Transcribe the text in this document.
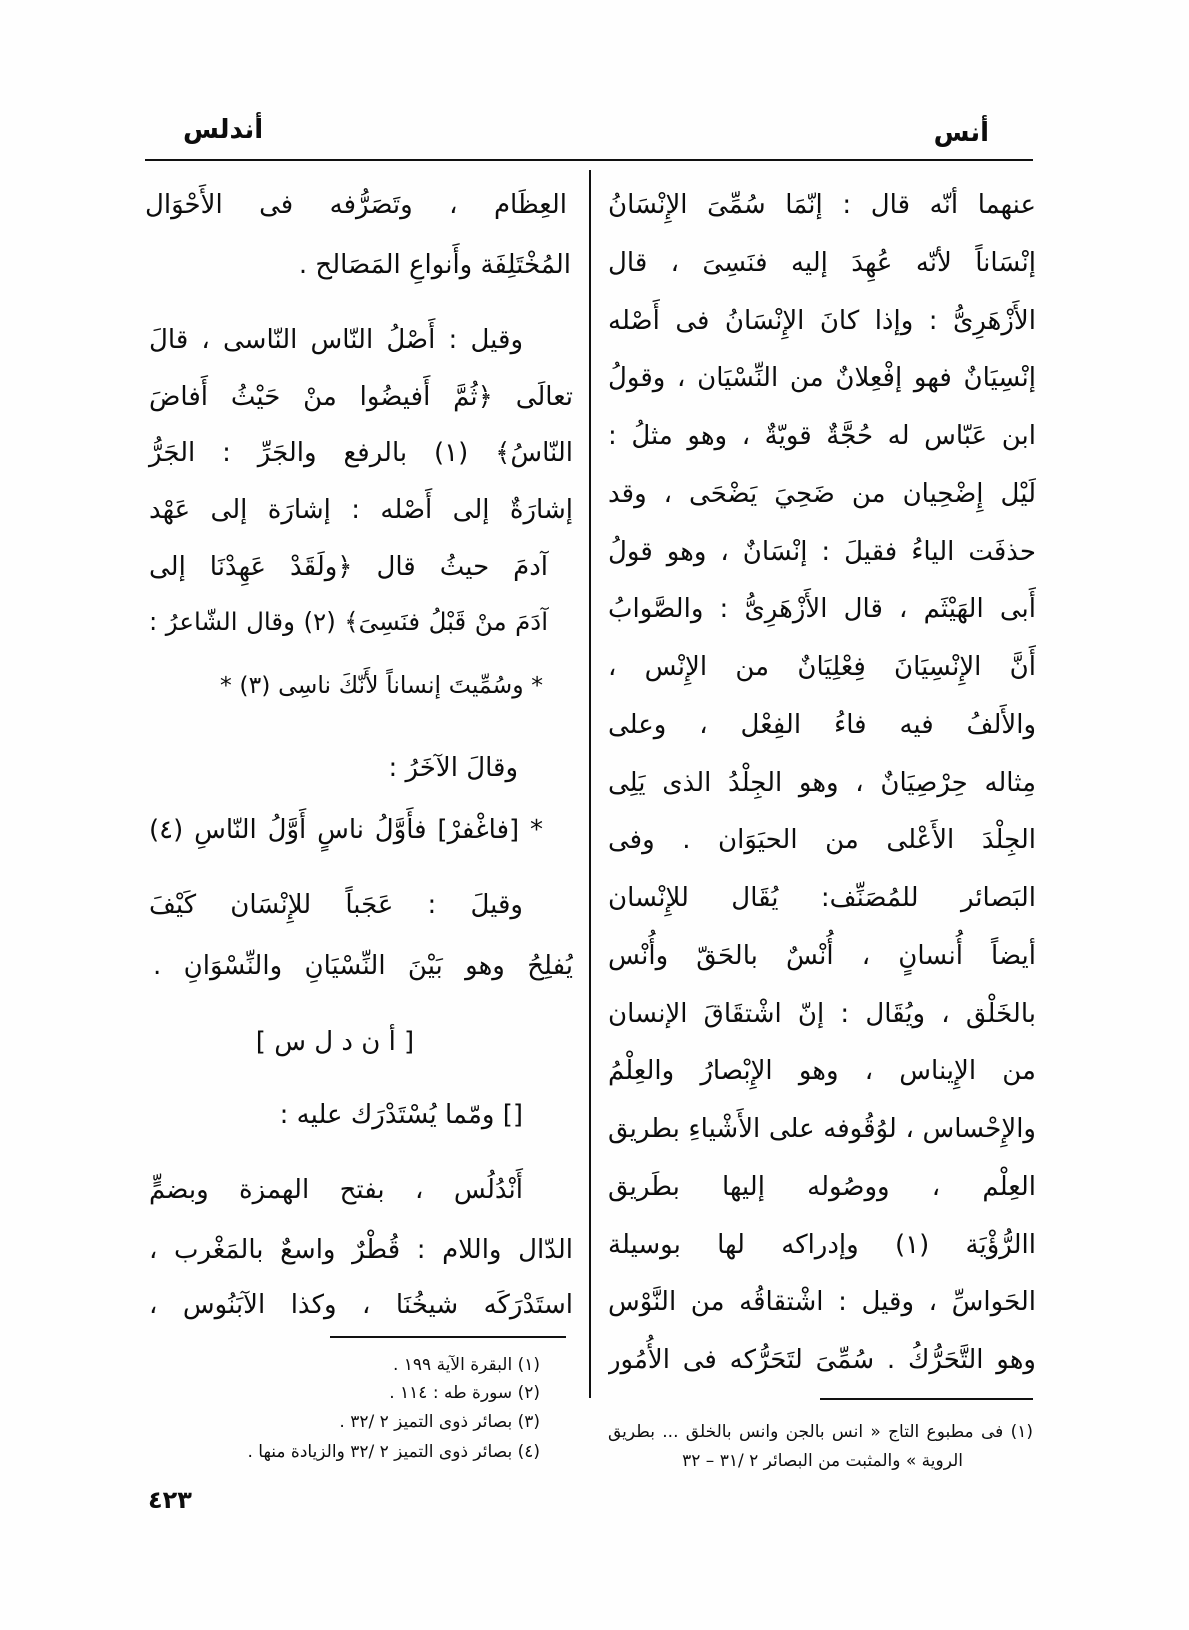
أنس
أندلس
عنهما أنّه قال : إنّمَا سُمِّىَ الإِنْسَانُ
إنْسَاناً لأنّه عُهِدَ إليه فنَسِىَ ، قال
الأَزْهَرِىُّ : وإذا كانَ الإِنْسَانُ فى أَصْله
إنْسِيَانٌ فهو إفْعِلانٌ من النِّسْيَان ، وقولُ
ابن عَبّاس له حُجَّةٌ قويّةٌ ، وهو مثلُ :
لَيْل إِضْحِيان من ضَحِيَ يَضْحَى ، وقد
حذفَت الياءُ فقيلَ : إنْسَانٌ ، وهو قولُ
أَبى الهَيْثَم ، قال الأَزْهَرِىُّ : والصَّوابُ
أَنَّ الإِنْسِيَانَ فِعْلِيَانٌ من الإِنْس ،
والأَلفُ فيه فاءُ الفِعْل ، وعلى
مِثاله حِرْصِيَانٌ ، وهو الجِلْدُ الذى يَلِى
الجِلْدَ الأَعْلى من الحيَوَان . وفى
البَصائر للمُصَنِّف: يُقَال للإِنْسان
أيضاً أُنسانٍ ، أُنْسٌ بالحَقّ وأُنْس
بالخَلْق ، ويُقَال : إنّ اشْتقَاقَ الإنسان
من الإِيناس ، وهو الإِبْصارُ والعِلْمُ
والإِحْساس ، لوُقُوفه على الأَشْياءِ بطريق
العِلْم ، ووصُوله إليها بطَريق
االرُّؤْيَة (١) وإدراكه لها بوسيلة
الحَواسِّ ، وقيل : اشْتقاقُه من النَّوْس
وهو التَّحَرُّكُ . سُمِّىَ لتَحَرُّكه فى الأُمُور
(١) فى مطبوع التاج « انس بالجن وانس بالخلق ... بطريق
الروية » والمثبت من البصائر ٢ /٣١ – ٣٢
العِظَام ، وتَصَرُّفه فى الأَحْوَال
المُخْتَلِفَة وأَنواعِ المَصَالح .
وقيل : أَصْلُ النّاس النّاسى ، قالَ
تعالَى ﴿ثُمَّ أَفيضُوا منْ حَيْثُ أَفاضَ
النّاسُ﴾ (١) بالرفع والجَرِّ : الجَرُّ
إشارَةٌ إلى أَصْله : إشارَة إلى عَهْد
آدمَ حيثُ قال ﴿ولَقَدْ عَهِدْنَا إلى
آدَمَ منْ قَبْلُ فنَسِىَ﴾ (٢) وقال الشّاعرُ :
* وسُمِّيتَ إنساناً لأَنّكَ ناسِى (٣) *
وقالَ الآخَرُ :
* [فاغْفرْ] فأَوَّلُ ناسٍ أَوَّلُ النّاسِ (٤)
وقيلَ : عَجَباً للإِنْسَان كَيْفَ
يُفلِحُ وهو بَيْنَ النِّسْيَانِ والنِّسْوَانِ .
[ أ ن د ل س ]
[] ومّما يُسْتَدْرَك عليه :
أَنْدُلُس ، بفتح الهمزة وبضمٍّ
الدّال واللام : قُطْرٌ واسعٌ بالمَغْرب ،
استَدْرَكَه شيخُنَا ، وكذا الآبَنُوس ،
(١) البقرة الآية ١٩٩ .
(٢) سورة طه : ١١٤ .
(٣) بصائر ذوى التميز ٢ /٣٢ .
(٤) بصائر ذوى التميز ٢ /٣٢ والزيادة منها .
٤٢٣
